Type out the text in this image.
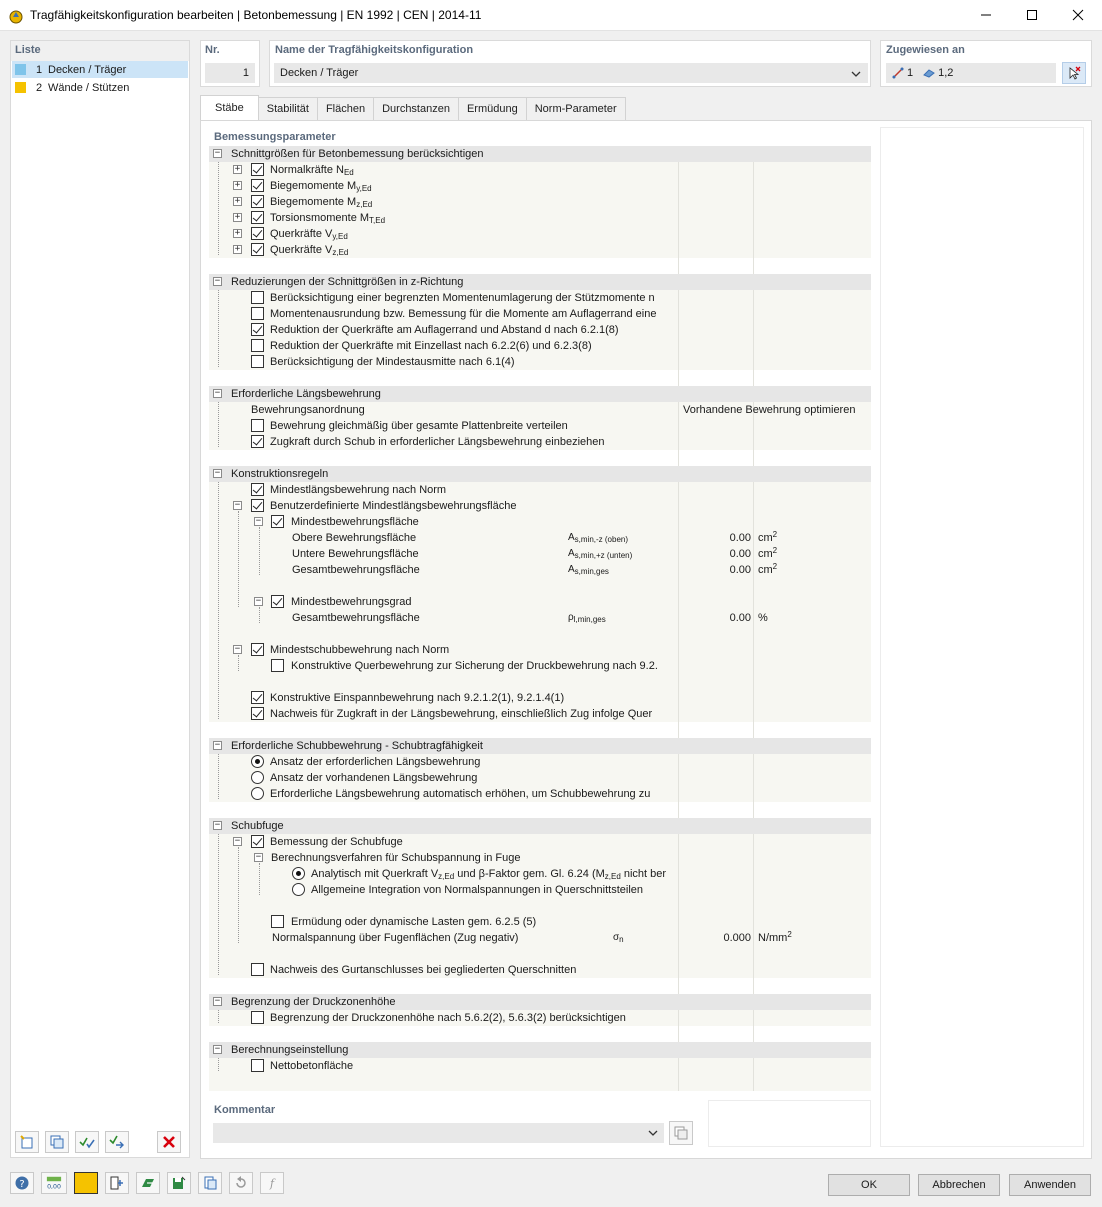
Tragfähigkeitskonfiguration bearbeiten | Betonbemessung | EN 1992 | CEN | 2014-11
Liste
1 Decken / Träger
2 Wände / Stützen
Nr.
1
Name der Tragfähigkeitskonfiguration
Decken / Träger
Zugewiesen an
1 1,2
Stäbe	Stabilität	Flächen	Durchstanzen	Ermüdung	Norm-Parameter
Bemessungsparameter
− Schnittgrößen für Betonbemessung berücksichtigen
+	Normalkräfte $N_{Ed}$
+	Biegemomente $M_{y,Ed}$
+	Biegemomente $M_{z,Ed}$
+	Torsionsmomente $M_{T,Ed}$
+	Querkräfte $V_{y,Ed}$
+	Querkräfte $V_{z,Ed}$
− Reduzierungen der Schnittgrößen in z-Richtung
Berücksichtigung einer begrenzten Momentenumlagerung der Stützmomente n
Momentenausrundung bzw. Bemessung für die Momente am Auflagerrand eine
Reduktion der Querkräfte am Auflagerrand und Abstand d nach 6.2.1(8)
Reduktion der Querkräfte mit Einzellast nach 6.2.2(6) und 6.2.3(8)
Berücksichtigung der Mindestausmitte nach 6.1(4)
− Erforderliche Längsbewehrung
Bewehrungsanordnung	Vorhandene Bewehrung optimieren
Bewehrung gleichmäßig über gesamte Plattenbreite verteilen
Zugkraft durch Schub in erforderlicher Längsbewehrung einbeziehen
− Konstruktionsregeln
Mindestlängsbewehrung nach Norm
−	Benutzerdefinierte Mindestlängsbewehrungsfläche
−	Mindestbewehrungsfläche
Obere Bewehrungsfläche	$A_{s,min,-z (oben)}$	0.00 $cm^2$
Untere Bewehrungsfläche	$A_{s,min,+z (unten)}$	0.00 $cm^2$
Gesamtbewehrungsfläche	$A_{s,min,ges}$	0.00 $cm^2$
−	Mindestbewehrungsgrad
Gesamtbewehrungsfläche	$\rho_{l,min,ges}$	0.00 %
−	Mindestschubbewehrung nach Norm
Konstruktive Querbewehrung zur Sicherung der Druckbewehrung nach 9.2.
Konstruktive Einspannbewehrung nach 9.2.1.2(1), 9.2.1.4(1)
Nachweis für Zugkraft in der Längsbewehrung, einschließlich Zug infolge Quer
− Erforderliche Schubbewehrung - Schubtragfähigkeit
Ansatz der erforderlichen Längsbewehrung
Ansatz der vorhandenen Längsbewehrung
Erforderliche Längsbewehrung automatisch erhöhen, um Schubbewehrung zu
− Schubfuge
−	Bemessung der Schubfuge
− Berechnungsverfahren für Schubspannung in Fuge
Analytisch mit Querkraft $V_{z,Ed}$ und β-Faktor gem. Gl. 6.24 ($M_{z,Ed}$ nicht ber
Allgemeine Integration von Normalspannungen in Querschnittsteilen
Ermüdung oder dynamische Lasten gem. 6.2.5 (5)
Normalspannung über Fugenflächen (Zug negativ)	$\sigma_n$	0.000 $N/mm^2$
Nachweis des Gurtanschlusses bei gegliederten Querschnitten
− Begrenzung der Druckzonenhöhe
Begrenzung der Druckzonenhöhe nach 5.6.2(2), 5.6.3(2) berücksichtigen
− Berechnungseinstellung
Nettobetonfläche
Kommentar
?	0,00	f	OK	Abbrechen	Anwenden
